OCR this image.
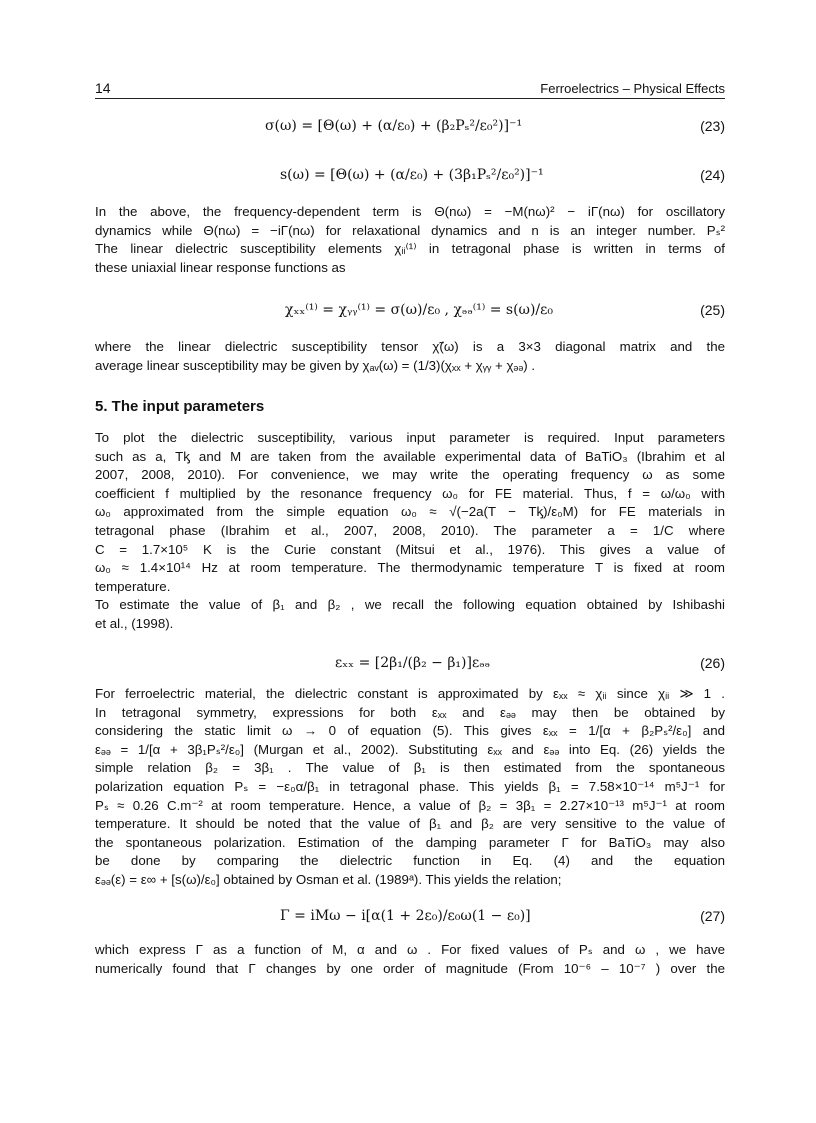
14	Ferroelectrics – Physical Effects
σ(ω) = [Θ(ω) + (α/ε₀) + (β₂Pₛ²/ε₀²)]⁻¹	(23)
s(ω) = [Θ(ω) + (α/ε₀) + (3β₁Pₛ²/ε₀²)]⁻¹	(24)
In the above, the frequency-dependent term is Θ(nω) = −M(nω)² − iΓ(nω) for oscillatory
dynamics while Θ(nω) = −iΓ(nω) for relaxational dynamics and n is an integer number. Pₛ²
The linear dielectric susceptibility elements χᵢᵢ⁽¹⁾ in tetragonal phase is written in terms of
these uniaxial linear response functions as
χₓₓ⁽¹⁾ = χᵧᵧ⁽¹⁾ = σ(ω)/ε₀ , χₔₔ⁽¹⁾ = s(ω)/ε₀	(25)
where the linear dielectric susceptibility tensor χ̃(ω) is a 3×3 diagonal matrix and the
average linear susceptibility may be given by χₐᵥ(ω) = (1/3)(χₓₓ + χᵧᵧ + χₔₔ) .
5. The input parameters
To plot the dielectric susceptibility, various input parameter is required. Input parameters
such as a, Tᶄ and M are taken from the available experimental data of BaTiO₃ (Ibrahim et al
2007, 2008, 2010). For convenience, we may write the operating frequency ω as some
coefficient f multiplied by the resonance frequency ω₀ for FE material. Thus, f = ω/ω₀ with
ω₀ approximated from the simple equation ω₀ ≈ √(−2a(T − Tᶄ)/ε₀M) for FE materials in
tetragonal phase (Ibrahim et al., 2007, 2008, 2010). The parameter a = 1/C where
C = 1.7×10⁵ K is the Curie constant (Mitsui et al., 1976). This gives a value of
ω₀ ≈ 1.4×10¹⁴ Hz at room temperature. The thermodynamic temperature T is fixed at room
temperature.
To estimate the value of β₁ and β₂ , we recall the following equation obtained by Ishibashi
et al., (1998).
εₓₓ = [2β₁/(β₂ − β₁)]εₔₔ	(26)
For ferroelectric material, the dielectric constant is approximated by εₓₓ ≈ χᵢᵢ since χᵢᵢ ≫ 1 .
In tetragonal symmetry, expressions for both εₓₓ and εₔₔ may then be obtained by
considering the static limit ω → 0 of equation (5). This gives εₓₓ = 1/[α + β₂Pₛ²/ε₀] and
εₔₔ = 1/[α + 3β₁Pₛ²/ε₀] (Murgan et al., 2002). Substituting εₓₓ and εₔₔ into Eq. (26) yields the
simple relation β₂ = 3β₁ . The value of β₁ is then estimated from the spontaneous
polarization equation Pₛ = −ε₀α/β₁ in tetragonal phase. This yields β₁ = 7.58×10⁻¹⁴ m⁵J⁻¹ for
Pₛ ≈ 0.26 C.m⁻² at room temperature. Hence, a value of β₂ = 3β₁ = 2.27×10⁻¹³ m⁵J⁻¹ at room
temperature. It should be noted that the value of β₁ and β₂ are very sensitive to the value of
the spontaneous polarization. Estimation of the damping parameter Γ for BaTiO₃ may also
be done by comparing the dielectric function in Eq. (4) and the equation
εₔₔ(ε) = ε∞ + [s(ω)/ε₀] obtained by Osman et al. (1989ᵃ). This yields the relation;
Γ = iMω − i[α(1 + 2ε₀)/ε₀ω(1 − ε₀)]	(27)
which express Γ as a function of M, α and ω . For fixed values of Pₛ and ω , we have
numerically found that Γ changes by one order of magnitude (From 10⁻⁶ – 10⁻⁷ ) over the
